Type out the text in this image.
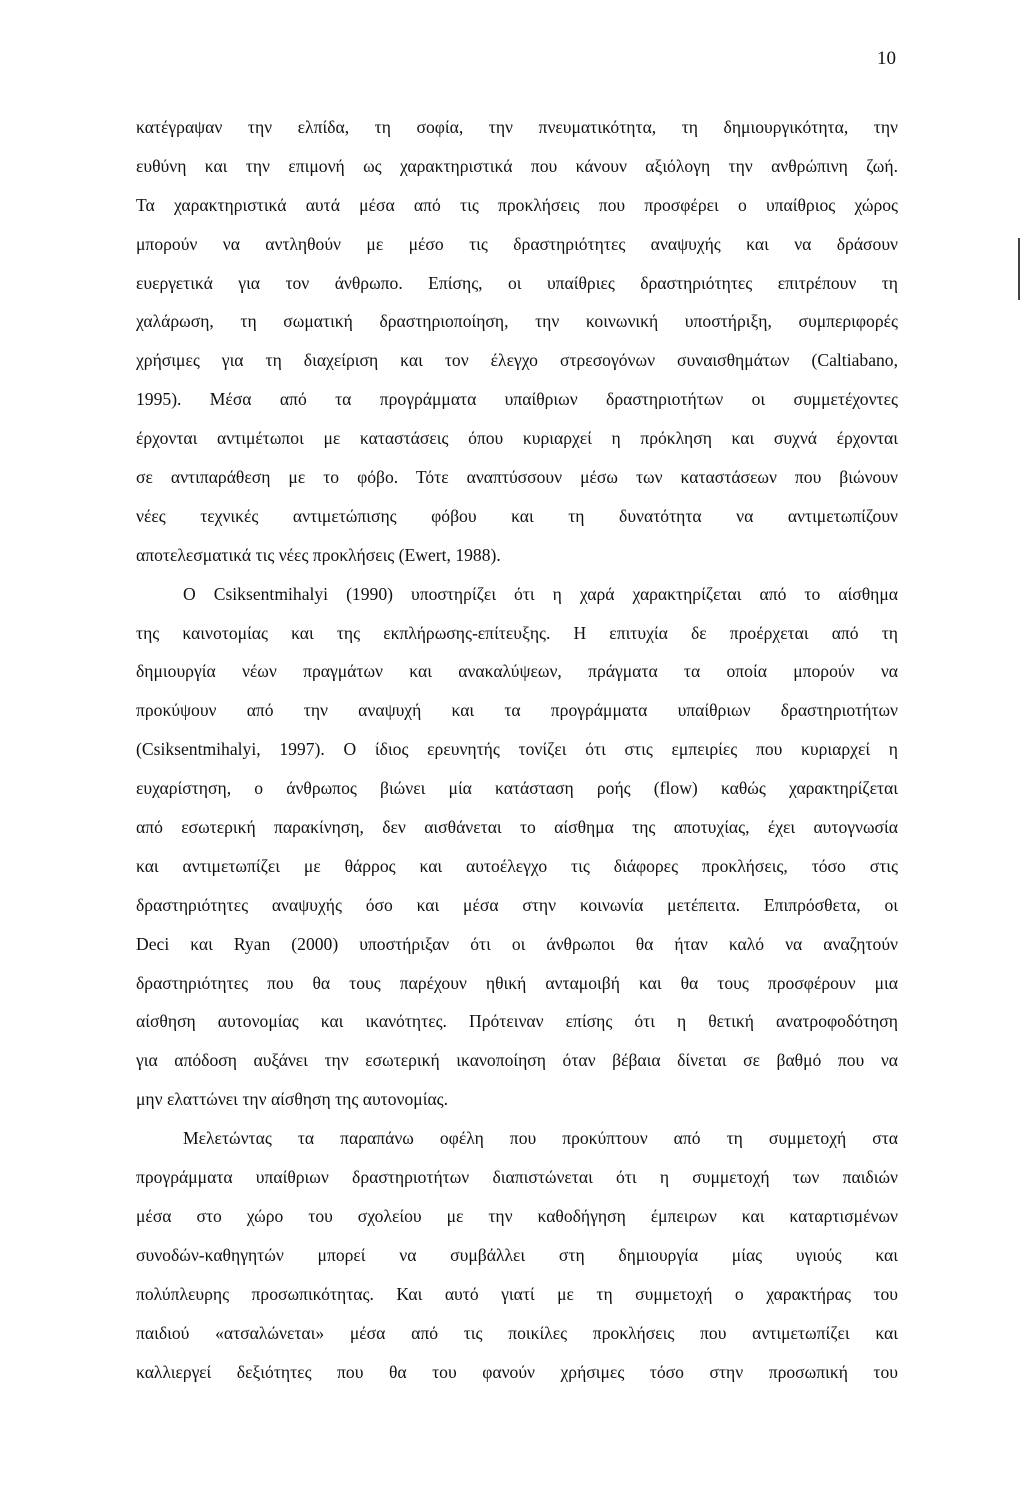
10
κατέγραψαν την ελπίδα, τη σοφία, την πνευματικότητα, τη δημιουργικότητα, την
ευθύνη και την επιμονή ως χαρακτηριστικά που κάνουν αξιόλογη την ανθρώπινη ζωή.
Τα χαρακτηριστικά αυτά μέσα από τις προκλήσεις που προσφέρει ο υπαίθριος χώρος
μπορούν να αντληθούν με μέσο τις δραστηριότητες αναψυχής και να δράσουν
ευεργετικά για τον άνθρωπο. Επίσης, οι υπαίθριες δραστηριότητες επιτρέπουν τη
χαλάρωση, τη σωματική δραστηριοποίηση, την κοινωνική υποστήριξη, συμπεριφορές
χρήσιμες για τη διαχείριση και τον έλεγχο στρεσογόνων συναισθημάτων (Caltiabano,
1995). Μέσα από τα προγράμματα υπαίθριων δραστηριοτήτων οι συμμετέχοντες
έρχονται αντιμέτωποι με καταστάσεις όπου κυριαρχεί η πρόκληση και συχνά έρχονται
σε αντιπαράθεση με το φόβο. Τότε αναπτύσσουν μέσω των καταστάσεων που βιώνουν
νέες τεχνικές αντιμετώπισης φόβου και τη δυνατότητα να αντιμετωπίζουν
αποτελεσματικά τις νέες προκλήσεις (Ewert, 1988).
Ο Csiksentmihalyi (1990) υποστηρίζει ότι η χαρά χαρακτηρίζεται από το αίσθημα
της καινοτομίας και της εκπλήρωσης-επίτευξης. Η επιτυχία δε προέρχεται από τη
δημιουργία νέων πραγμάτων και ανακαλύψεων, πράγματα τα οποία μπορούν να
προκύψουν από την αναψυχή και τα προγράμματα υπαίθριων δραστηριοτήτων
(Csiksentmihalyi, 1997). Ο ίδιος ερευνητής τονίζει ότι στις εμπειρίες που κυριαρχεί η
ευχαρίστηση, ο άνθρωπος βιώνει μία κατάσταση ροής (flow) καθώς χαρακτηρίζεται
από εσωτερική παρακίνηση, δεν αισθάνεται το αίσθημα της αποτυχίας, έχει αυτογνωσία
και αντιμετωπίζει με θάρρος και αυτοέλεγχο τις διάφορες προκλήσεις, τόσο στις
δραστηριότητες αναψυχής όσο και μέσα στην κοινωνία μετέπειτα. Επιπρόσθετα, οι
Deci και Ryan (2000) υποστήριξαν ότι οι άνθρωποι θα ήταν καλό να αναζητούν
δραστηριότητες που θα τους παρέχουν ηθική ανταμοιβή και θα τους προσφέρουν μια
αίσθηση αυτονομίας και ικανότητες. Πρότειναν επίσης ότι η θετική ανατροφοδότηση
για απόδοση αυξάνει την εσωτερική ικανοποίηση όταν βέβαια δίνεται σε βαθμό που να
μην ελαττώνει την αίσθηση της αυτονομίας.
Μελετώντας τα παραπάνω οφέλη που προκύπτουν από τη συμμετοχή στα
προγράμματα υπαίθριων δραστηριοτήτων διαπιστώνεται ότι η συμμετοχή των παιδιών
μέσα στο χώρο του σχολείου με την καθοδήγηση έμπειρων και καταρτισμένων
συνοδών-καθηγητών μπορεί να συμβάλλει στη δημιουργία μίας υγιούς και
πολύπλευρης προσωπικότητας. Και αυτό γιατί με τη συμμετοχή ο χαρακτήρας του
παιδιού «ατσαλώνεται» μέσα από τις ποικίλες προκλήσεις που αντιμετωπίζει και
καλλιεργεί δεξιότητες που θα του φανούν χρήσιμες τόσο στην προσωπική του
